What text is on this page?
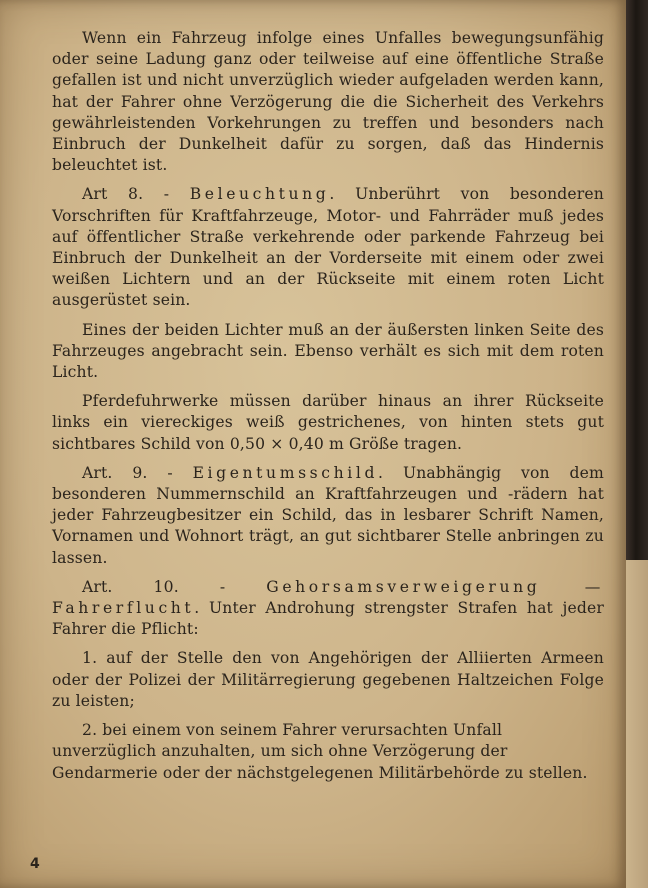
Wenn ein Fahrzeug infolge eines Unfalles bewegungsunfähig oder seine Ladung ganz oder teilweise auf eine öffentliche Straße gefallen ist und nicht unverzüglich wieder aufgeladen werden kann, hat der Fahrer ohne Verzögerung die die Sicherheit des Verkehrs gewährleistenden Vorkehrungen zu treffen und besonders nach Einbruch der Dunkelheit dafür zu sorgen, daß das Hindernis beleuchtet ist.

Art 8. - Beleuchtung. Unberührt von besonderen Vorschriften für Kraftfahrzeuge, Motor- und Fahrräder muß jedes auf öffentlicher Straße verkehrende oder parkende Fahrzeug bei Einbruch der Dunkelheit an der Vorderseite mit einem oder zwei weißen Lichtern und an der Rückseite mit einem roten Licht ausgerüstet sein.

Eines der beiden Lichter muß an der äußersten linken Seite des Fahrzeuges angebracht sein. Ebenso verhält es sich mit dem roten Licht.

Pferdefuhrwerke müssen darüber hinaus an ihrer Rückseite links ein viereckiges weiß gestrichenes, von hinten stets gut sichtbares Schild von 0,50 × 0,40 m Größe tragen.

Art. 9. - Eigentumsschild. Unabhängig von dem besonderen Nummernschild an Kraftfahrzeugen und -rädern hat jeder Fahrzeugbesitzer ein Schild, das in lesbarer Schrift Namen, Vornamen und Wohnort trägt, an gut sichtbarer Stelle anbringen zu lassen.

Art. 10. - Gehorsamsverweigerung — Fahrerflucht. Unter Androhung strengster Strafen hat jeder Fahrer die Pflicht:

1. auf der Stelle den von Angehörigen der Alliierten Armeen oder der Polizei der Militärregierung gegebenen Haltzeichen Folge zu leisten;

2. bei einem von seinem Fahrer verursachten Unfall unverzüglich anzuhalten, um sich ohne Verzögerung der Gendarmerie oder der nächstgelegenen Militärbehörde zu stellen.

4
